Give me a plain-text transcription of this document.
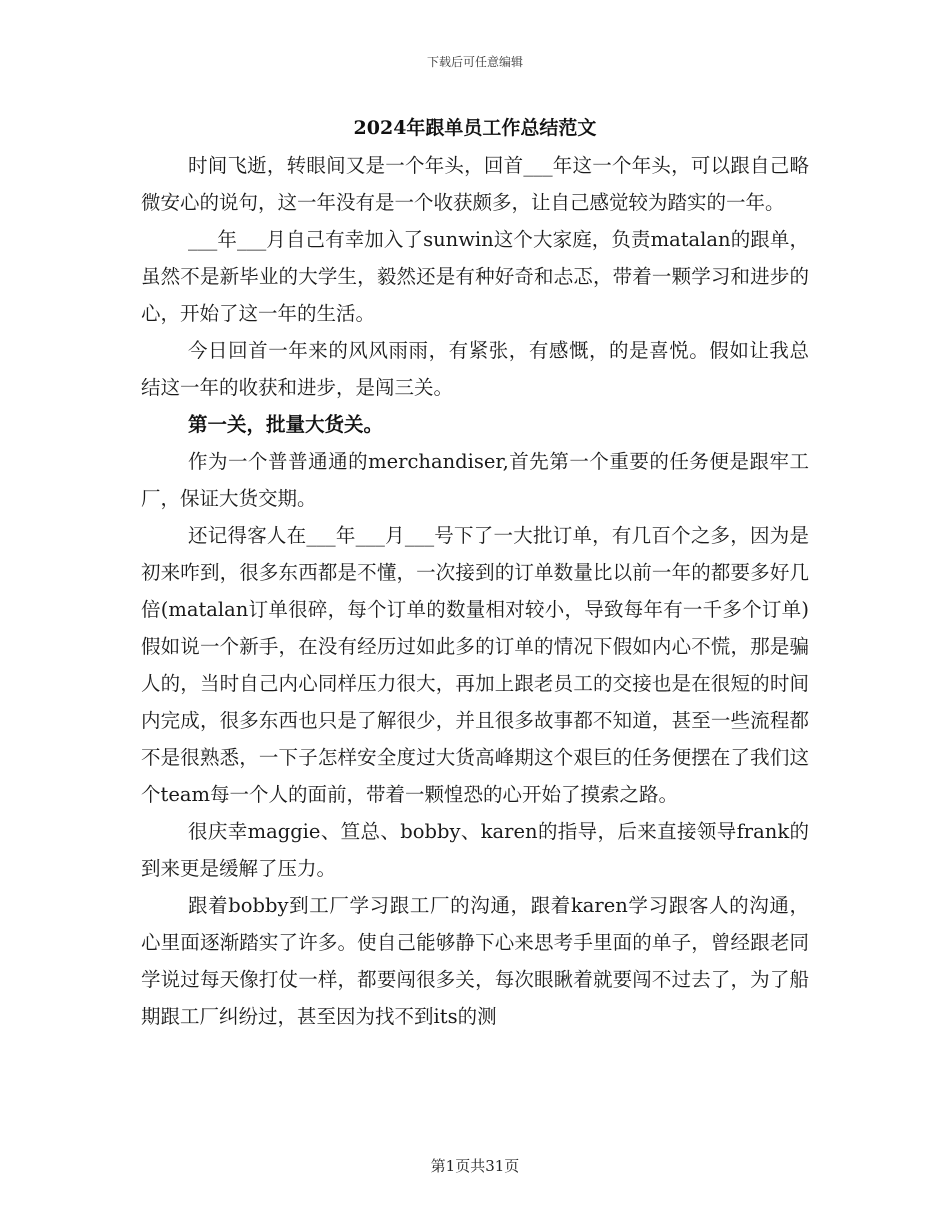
下载后可任意编辑
2024年跟单员工作总结范文

时间飞逝，转眼间又是一个年头，回首___年这一个年头，可以跟自己略微安心的说句，这一年没有是一个收获颇多，让自己感觉较为踏实的一年。

___年___月自己有幸加入了sunwin这个大家庭，负责matalan的跟单，虽然不是新毕业的大学生，毅然还是有种好奇和忐忑，带着一颗学习和进步的心，开始了这一年的生活。

今日回首一年来的风风雨雨，有紧张，有感慨，的是喜悦。假如让我总结这一年的收获和进步，是闯三关。

第一关，批量大货关。

作为一个普普通通的merchandiser,首先第一个重要的任务便是跟牢工厂，保证大货交期。

还记得客人在___年___月___号下了一大批订单，有几百个之多，因为是初来咋到，很多东西都是不懂，一次接到的订单数量比以前一年的都要多好几倍(matalan订单很碎，每个订单的数量相对较小，导致每年有一千多个订单)假如说一个新手，在没有经历过如此多的订单的情况下假如内心不慌，那是骗人的，当时自己内心同样压力很大，再加上跟老员工的交接也是在很短的时间内完成，很多东西也只是了解很少，并且很多故事都不知道，甚至一些流程都不是很熟悉，一下子怎样安全度过大货高峰期这个艰巨的任务便摆在了我们这个team每一个人的面前，带着一颗惶恐的心开始了摸索之路。

很庆幸maggie、笪总、bobby、karen的指导，后来直接领导frank的到来更是缓解了压力。

跟着bobby到工厂学习跟工厂的沟通，跟着karen学习跟客人的沟通，心里面逐渐踏实了许多。使自己能够静下心来思考手里面的单子，曾经跟老同学说过每天像打仗一样，都要闯很多关，每次眼瞅着就要闯不过去了，为了船期跟工厂纠纷过，甚至因为找不到its的测

第1页共31页
